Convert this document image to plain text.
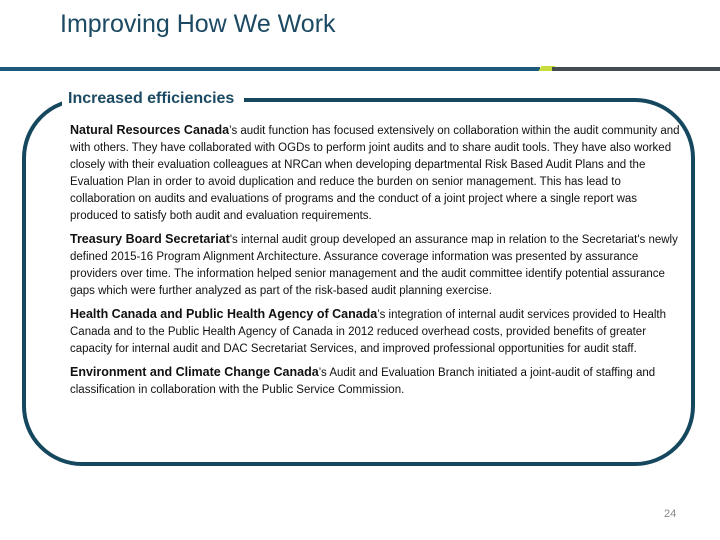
Improving How We Work
Increased efficiencies

Natural Resources Canada’s audit function has focused extensively on collaboration within the audit community and with others. They have collaborated with OGDs to perform joint audits and to share audit tools. They have also worked closely with their evaluation colleagues at NRCan when developing departmental Risk Based Audit Plans and the Evaluation Plan in order to avoid duplication and reduce the burden on senior management. This has lead to collaboration on audits and evaluations of programs and the conduct of a joint project where a single report was produced to satisfy both audit and evaluation requirements.

Treasury Board Secretariat's internal audit group developed an assurance map in relation to the Secretariat's newly defined 2015-16 Program Alignment Architecture. Assurance coverage information was presented by assurance providers over time. The information helped senior management and the audit committee identify potential assurance gaps which were further analyzed as part of the risk-based audit planning exercise.

Health Canada and Public Health Agency of Canada’s integration of internal audit services provided to Health Canada and to the Public Health Agency of Canada in 2012 reduced overhead costs, provided benefits of greater capacity for internal audit and DAC Secretariat Services, and improved professional opportunities for audit staff.

Environment and Climate Change Canada’s Audit and Evaluation Branch initiated a joint-audit of staffing and classification in collaboration with the Public Service Commission.

24
